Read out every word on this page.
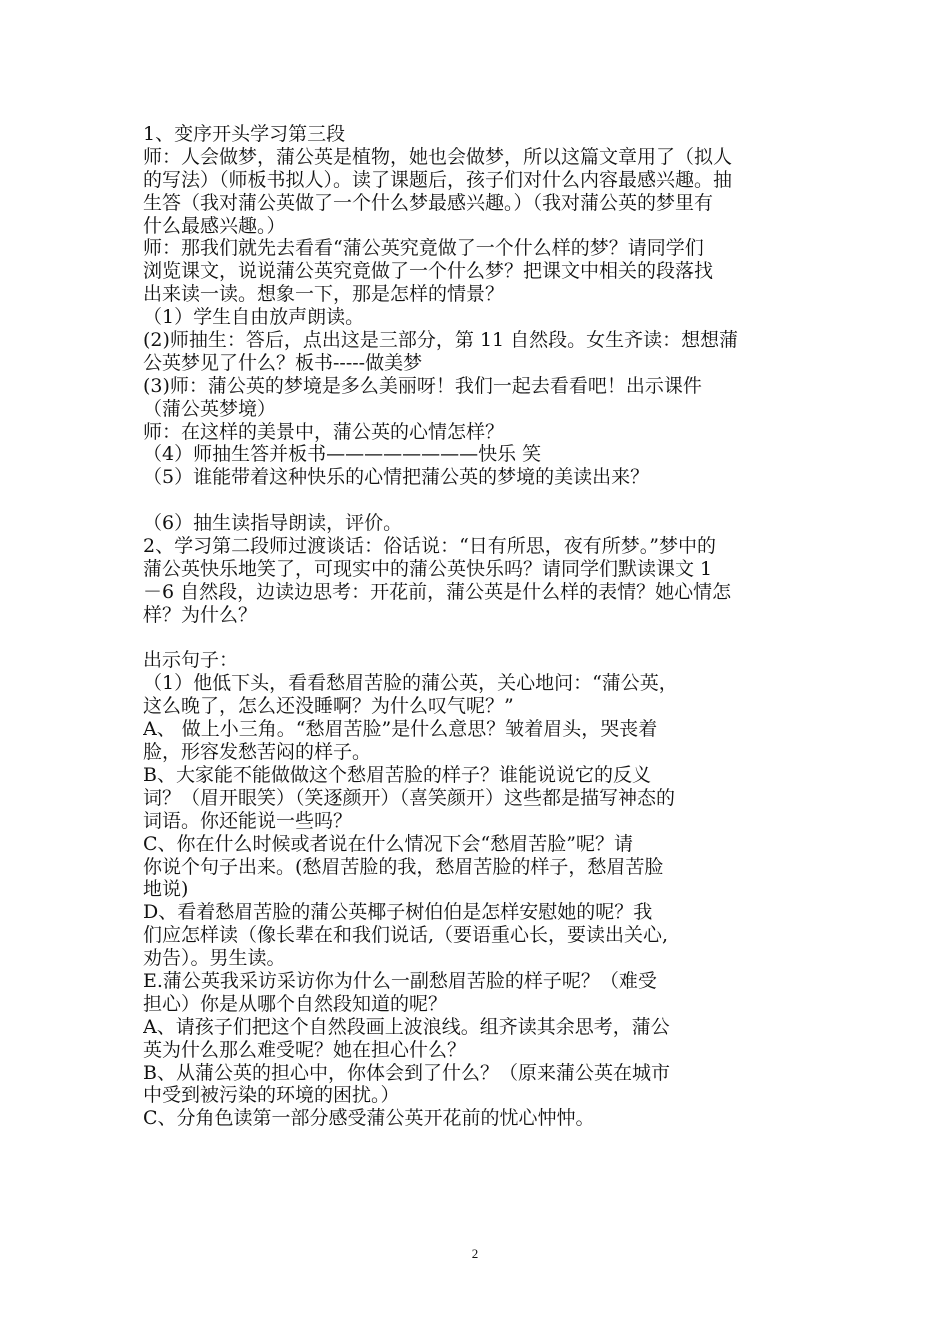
1、变序开头学习第三段
师：人会做梦，蒲公英是植物，她也会做梦，所以这篇文章用了（拟人
的写法）（师板书拟人）。读了课题后，孩子们对什么内容最感兴趣。抽
生答（我对蒲公英做了一个什么梦最感兴趣。）（我对蒲公英的梦里有
什么最感兴趣。）
师：那我们就先去看看“蒲公英究竟做了一个什么样的梦？请同学们
浏览课文，说说蒲公英究竟做了一个什么梦？把课文中相关的段落找
出来读一读。想象一下，那是怎样的情景？
（1）学生自由放声朗读。
(2)师抽生：答后，点出这是三部分，第 11 自然段。女生齐读：想想蒲
公英梦见了什么？板书-----做美梦
(3)师：蒲公英的梦境是多么美丽呀！我们一起去看看吧！出示课件
（蒲公英梦境）
师：在这样的美景中，蒲公英的心情怎样？
（4）师抽生答并板书————————快乐 笑
（5）谁能带着这种快乐的心情把蒲公英的梦境的美读出来？
（6）抽生读指导朗读，评价。
2、学习第二段师过渡谈话：俗话说：“日有所思，夜有所梦。”梦中的
蒲公英快乐地笑了，可现实中的蒲公英快乐吗？请同学们默读课文 1
－6 自然段，边读边思考：开花前，蒲公英是什么样的表情？她心情怎
样？为什么？
出示句子：
（1）他低下头，看看愁眉苦脸的蒲公英，关心地问：“蒲公英，
这么晚了，怎么还没睡啊？为什么叹气呢？”
A、 做上小三角。“愁眉苦脸”是什么意思？皱着眉头，哭丧着
脸，形容发愁苦闷的样子。
B、大家能不能做做这个愁眉苦脸的样子？谁能说说它的反义
词？（眉开眼笑）（笑逐颜开）（喜笑颜开）这些都是描写神态的
词语。你还能说一些吗？
C、你在什么时候或者说在什么情况下会“愁眉苦脸”呢？请
你说个句子出来。(愁眉苦脸的我，愁眉苦脸的样子，愁眉苦脸
地说)
D、看着愁眉苦脸的蒲公英椰子树伯伯是怎样安慰她的呢？我
们应怎样读（像长辈在和我们说话,（要语重心长，要读出关心,
劝告）。男生读。
E.蒲公英我采访采访你为什么一副愁眉苦脸的样子呢？（难受
担心）你是从哪个自然段知道的呢？
A、请孩子们把这个自然段画上波浪线。组齐读其余思考，蒲公
英为什么那么难受呢？她在担心什么？
B、从蒲公英的担心中，你体会到了什么？（原来蒲公英在城市
中受到被污染的环境的困扰。）
C、分角色读第一部分感受蒲公英开花前的忧心忡忡。
2
